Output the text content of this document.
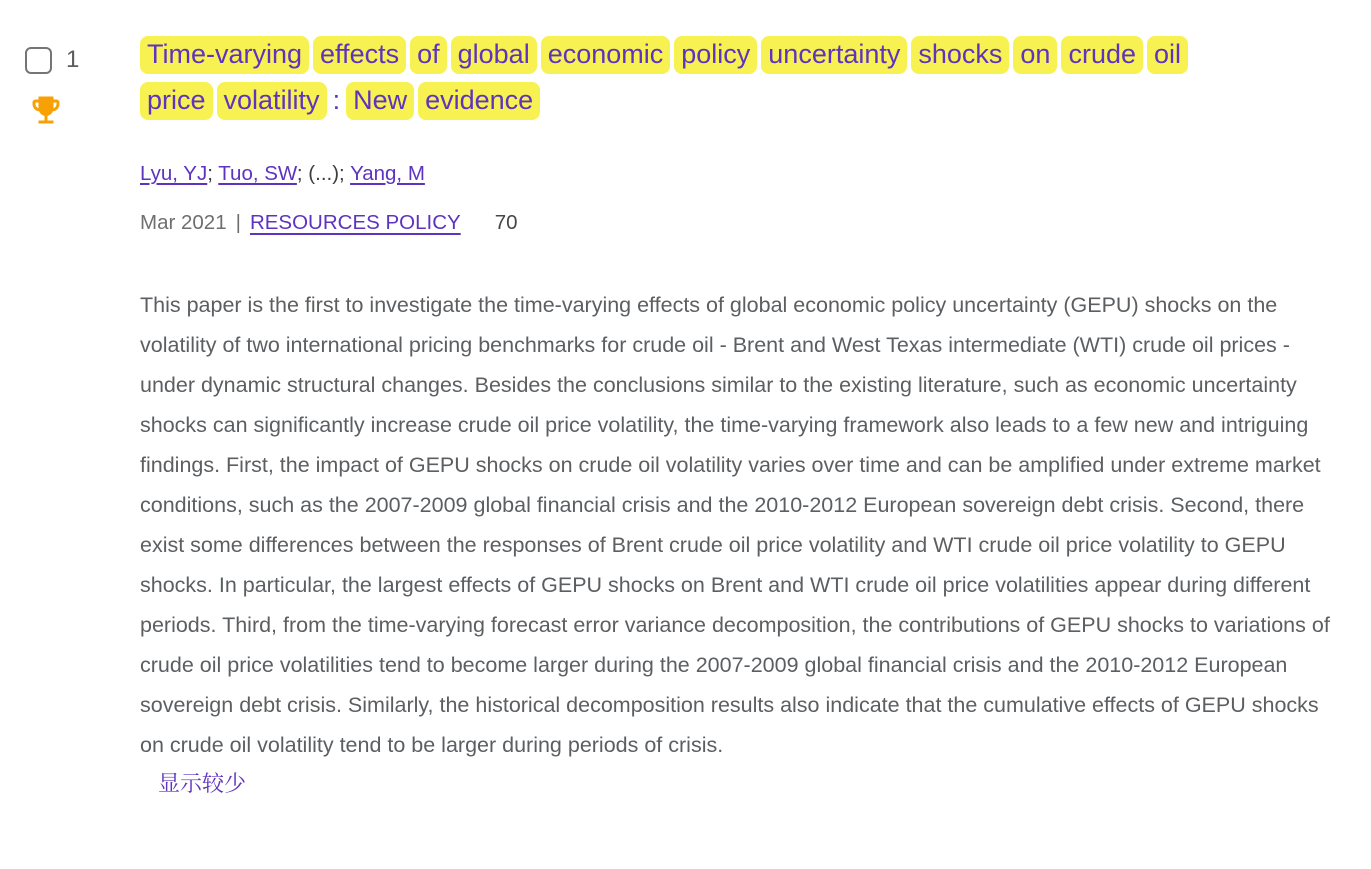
1	Time-varying effects of global economic policy uncertainty shocks on crude oil
price volatility : New evidence
Lyu, YJ; Tuo, SW; (...); Yang, M
Mar 2021 | RESOURCES POLICY 70

This paper is the first to investigate the time-varying effects of global economic policy uncertainty (GEPU) shocks on the volatility of two international pricing benchmarks for crude oil - Brent and West Texas intermediate (WTI) crude oil prices - under dynamic structural changes. Besides the conclusions similar to the existing literature, such as economic uncertainty shocks can significantly increase crude oil price volatility, the time-varying framework also leads to a few new and intriguing findings. First, the impact of GEPU shocks on crude oil volatility varies over time and can be amplified under extreme market conditions, such as the 2007-2009 global financial crisis and the 2010-2012 European sovereign debt crisis. Second, there exist some differences between the responses of Brent crude oil price volatility and WTI crude oil price volatility to GEPU shocks. In particular, the largest effects of GEPU shocks on Brent and WTI crude oil price volatilities appear during different periods. Third, from the time-varying forecast error variance decomposition, the contributions of GEPU shocks to variations of crude oil price volatilities tend to become larger during the 2007-2009 global financial crisis and the 2010-2012 European sovereign debt crisis. Similarly, the historical decomposition results also indicate that the cumulative effects of GEPU shocks on crude oil volatility tend to be larger during periods of crisis.

显示较少
